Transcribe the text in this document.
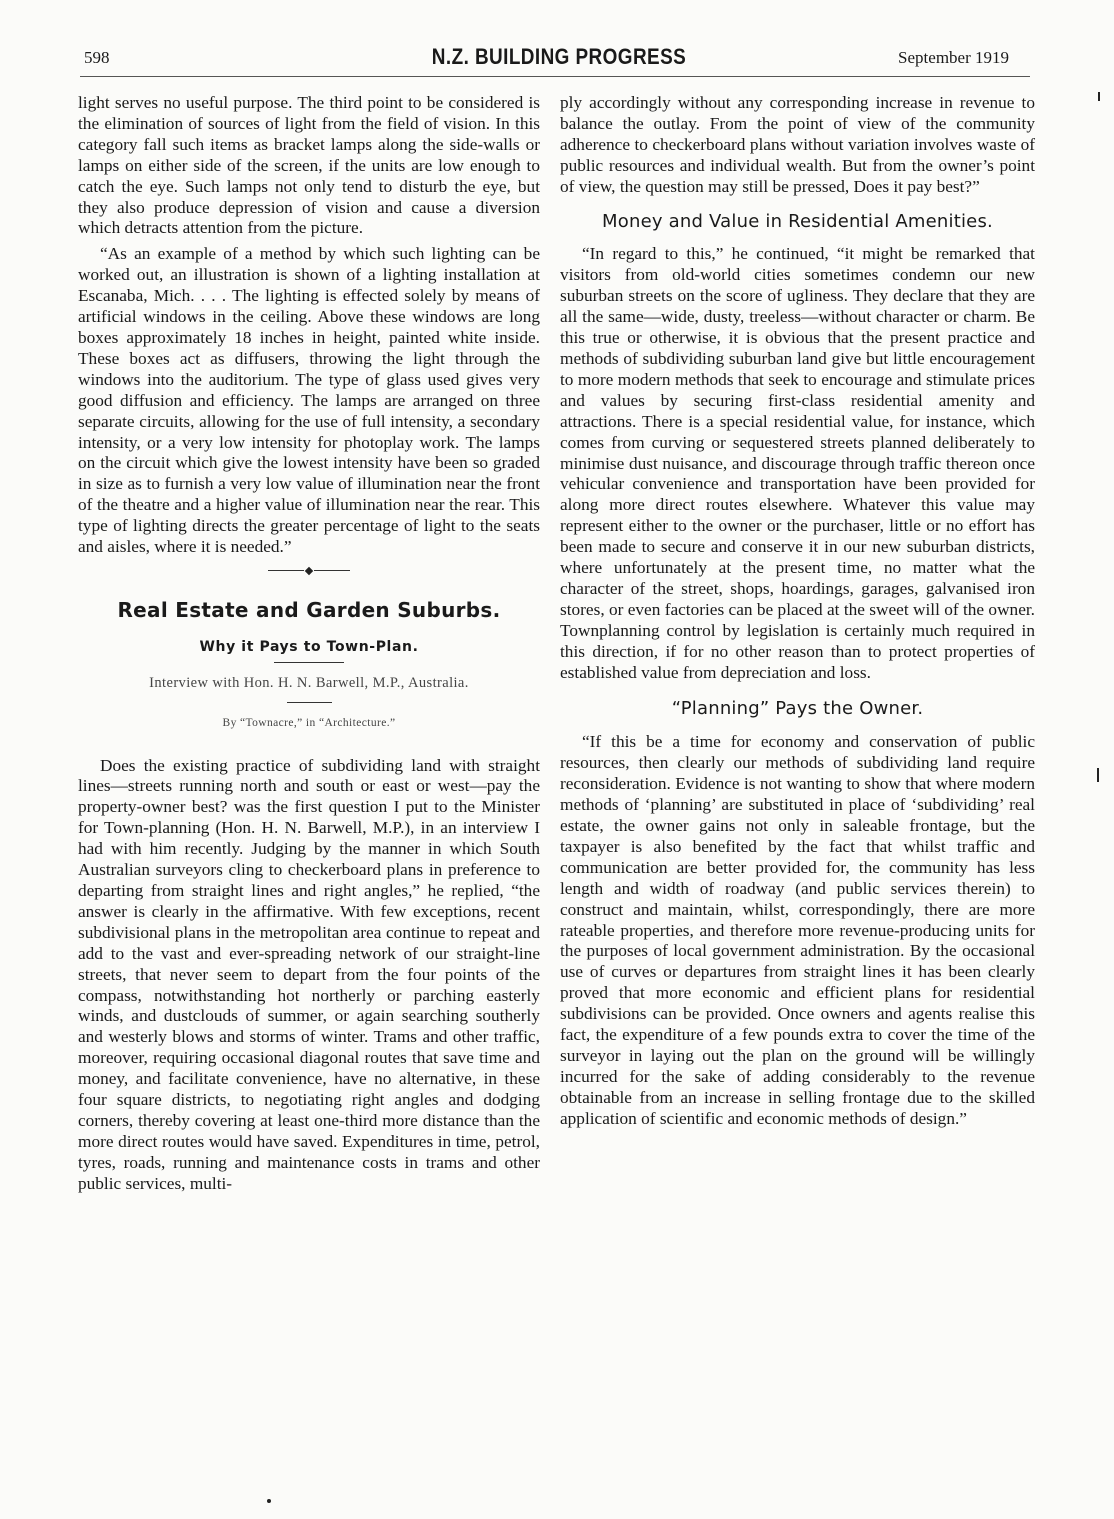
598	N.Z. BUILDING PROGRESS	September 1919

light serves no useful purpose. The third point to be considered is the elimination of sources of light from the field of vision. In this category fall such items as bracket lamps along the side-walls or lamps on either side of the screen, if the units are low enough to catch the eye. Such lamps not only tend to disturb the eye, but they also produce depression of vision and cause a diversion which detracts attention from the picture.

“As an example of a method by which such lighting can be worked out, an illustration is shown of a lighting installation at Escanaba, Mich. . . . The lighting is effected solely by means of artificial windows in the ceiling. Above these windows are long boxes approximately 18 inches in height, painted white inside. These boxes act as diffusers, throwing the light through the windows into the auditorium. The type of glass used gives very good diffusion and efficiency. The lamps are arranged on three separate circuits, allowing for the use of full intensity, a secondary intensity, or a very low intensity for photoplay work. The lamps on the circuit which give the lowest intensity have been so graded in size as to furnish a very low value of illumination near the front of the theatre and a higher value of illumination near the rear. This type of lighting directs the greater percentage of light to the seats and aisles, where it is needed.”

Real Estate and Garden Suburbs.
Why it Pays to Town-Plan.
Interview with Hon. H. N. Barwell, M.P., Australia.
By “Townacre,” in “Architecture.”

Does the existing practice of subdividing land with straight lines—streets running north and south or east or west—pay the property-owner best? was the first question I put to the Minister for Town-planning (Hon. H. N. Barwell, M.P.), in an interview I had with him recently. Judging by the manner in which South Australian surveyors cling to checkerboard plans in preference to departing from straight lines and right angles,” he replied, “the answer is clearly in the affirmative. With few exceptions, recent subdivisional plans in the metropolitan area continue to repeat and add to the vast and ever-spreading network of our straight-line streets, that never seem to depart from the four points of the compass, notwithstanding hot northerly or parching easterly winds, and dustclouds of summer, or again searching southerly and westerly blows and storms of winter. Trams and other traffic, moreover, requiring occasional diagonal routes that save time and money, and facilitate convenience, have no alternative, in these four square districts, to negotiating right angles and dodging corners, thereby covering at least one-third more distance than the more direct routes would have saved. Expenditures in time, petrol, tyres, roads, running and maintenance costs in trams and other public services, multi-

ply accordingly without any corresponding increase in revenue to balance the outlay. From the point of view of the community adherence to checkerboard plans without variation involves waste of public resources and individual wealth. But from the owner’s point of view, the question may still be pressed, Does it pay best?”

Money and Value in Residential Amenities.

“In regard to this,” he continued, “it might be remarked that visitors from old-world cities sometimes condemn our new suburban streets on the score of ugliness. They declare that they are all the same—wide, dusty, treeless—without character or charm. Be this true or otherwise, it is obvious that the present practice and methods of subdividing suburban land give but little encouragement to more modern methods that seek to encourage and stimulate prices and values by securing first-class residential amenity and attractions. There is a special residential value, for instance, which comes from curving or sequestered streets planned deliberately to minimise dust nuisance, and discourage through traffic thereon once vehicular convenience and transportation have been provided for along more direct routes elsewhere. Whatever this value may represent either to the owner or the purchaser, little or no effort has been made to secure and conserve it in our new suburban districts, where unfortunately at the present time, no matter what the character of the street, shops, hoardings, garages, galvanised iron stores, or even factories can be placed at the sweet will of the owner. Townplanning control by legislation is certainly much required in this direction, if for no other reason than to protect properties of established value from depreciation and loss.

“Planning” Pays the Owner.

“If this be a time for economy and conservation of public resources, then clearly our methods of subdividing land require reconsideration. Evidence is not wanting to show that where modern methods of ‘planning’ are substituted in place of ‘subdividing’ real estate, the owner gains not only in saleable frontage, but the taxpayer is also benefited by the fact that whilst traffic and communication are better provided for, the community has less length and width of roadway (and public services therein) to construct and maintain, whilst, correspondingly, there are more rateable properties, and therefore more revenue-producing units for the purposes of local government administration. By the occasional use of curves or departures from straight lines it has been clearly proved that more economic and efficient plans for residential subdivisions can be provided. Once owners and agents realise this fact, the expenditure of a few pounds extra to cover the time of the surveyor in laying out the plan on the ground will be willingly incurred for the sake of adding considerably to the revenue obtainable from an increase in selling frontage due to the skilled application of scientific and economic methods of design.”
